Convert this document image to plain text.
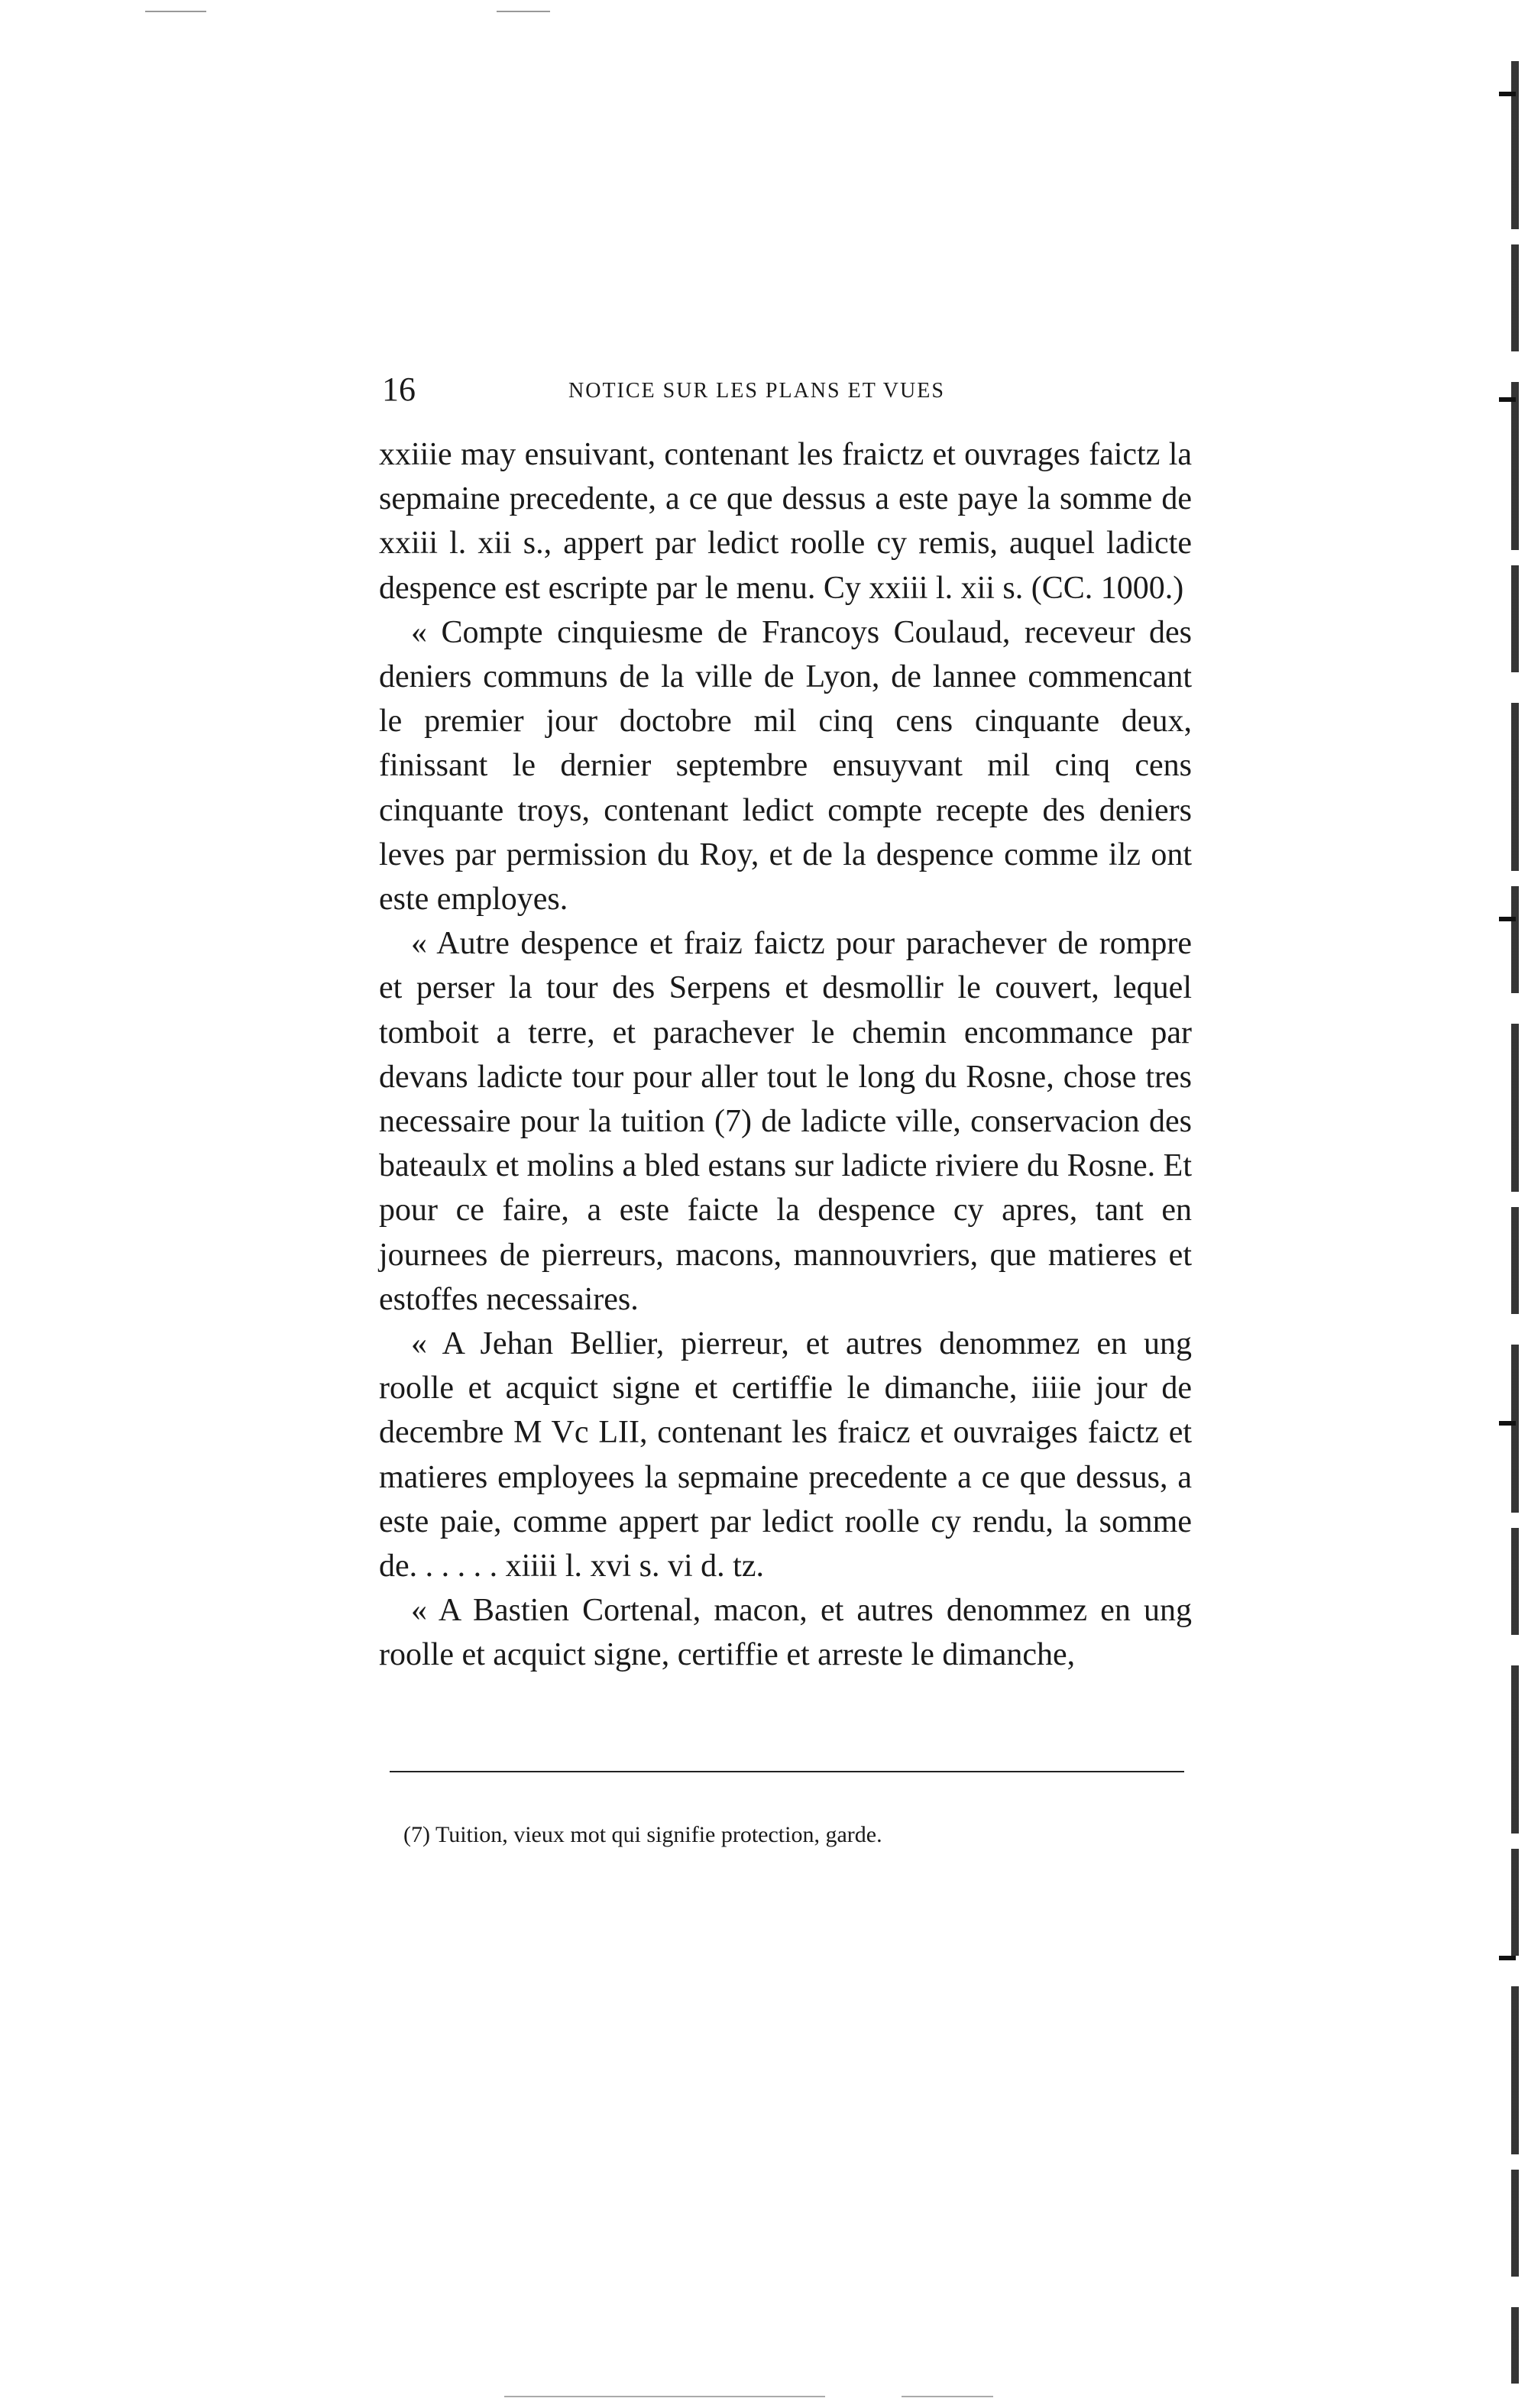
16	NOTICE SUR LES PLANS ET VUES

xxiiie may ensuivant, contenant les fraictz et ouvrages faictz la sepmaine precedente, a ce que dessus a este paye la somme de xxiii l. xii s., appert par ledict roolle cy remis, auquel ladicte despence est escripte par le menu. Cy xxiii l. xii s. (CC. 1000.)

« Compte cinquiesme de Francoys Coulaud, receveur des deniers communs de la ville de Lyon, de lannee commencant le premier jour doctobre mil cinq cens cinquante deux, finissant le dernier septembre ensuyvant mil cinq cens cinquante troys, contenant ledict compte recepte des deniers leves par permission du Roy, et de la despence comme ilz ont este employes.

« Autre despence et fraiz faictz pour parachever de rompre et perser la tour des Serpens et desmollir le couvert, lequel tomboit a terre, et parachever le chemin encommance par devans ladicte tour pour aller tout le long du Rosne, chose tres necessaire pour la tuition (7) de ladicte ville, conservacion des bateaulx et molins a bled estans sur ladicte riviere du Rosne. Et pour ce faire, a este faicte la despence cy apres, tant en journees de pierreurs, macons, mannouvriers, que matieres et estoffes necessaires.

« A Jehan Bellier, pierreur, et autres denommez en ung roolle et acquict signe et certiffie le dimanche, iiiie jour de decembre M Vc LII, contenant les fraicz et ouvraiges faictz et matieres employees la sepmaine precedente a ce que dessus, a este paie, comme appert par ledict roolle cy rendu, la somme de. . . . . . xiiii l. xvi s. vi d. tz.

« A Bastien Cortenal, macon, et autres denommez en ung roolle et acquict signe, certiffie et arreste le dimanche,

(7) Tuition, vieux mot qui signifie protection, garde.
